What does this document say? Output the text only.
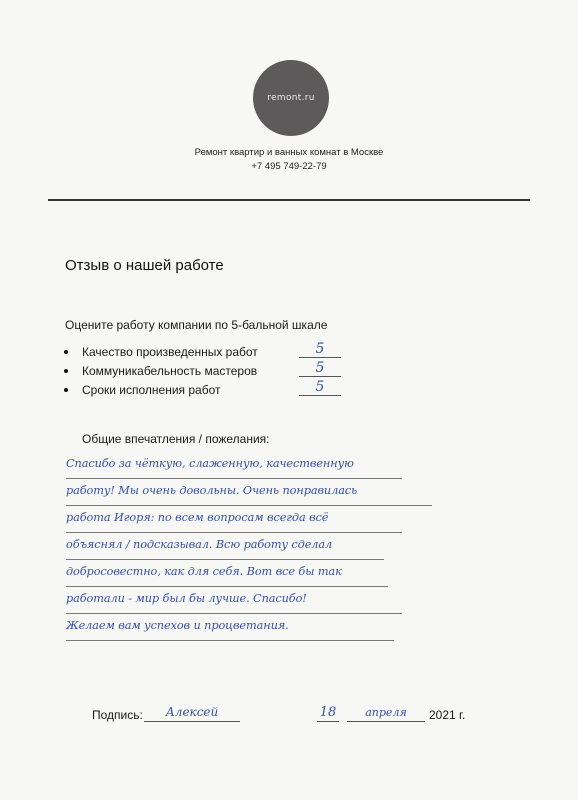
remont.ru
Ремонт квартир и ванных комнат в Москве
+7 495 749-22-79
Отзыв о нашей работе
Оцените работу компании по 5-бальной шкале
Качество произведенных работ	5
Коммуникабельность мастеров	5
Сроки исполнения работ	5
Общие впечатления / пожелания:
Спасибо за чёткую, слаженную, качественную
работу! Мы очень довольны. Очень понравилась
работа Игоря: по всем вопросам всегда всё
объяснял / подсказывал. Всю работу сделал
добросовестно, как для себя. Вот все бы так
работали - мир был бы лучше. Спасибо!
Желаем вам успехов и процветания.
Подпись:	Алексей	18	апреля	2021 г.
